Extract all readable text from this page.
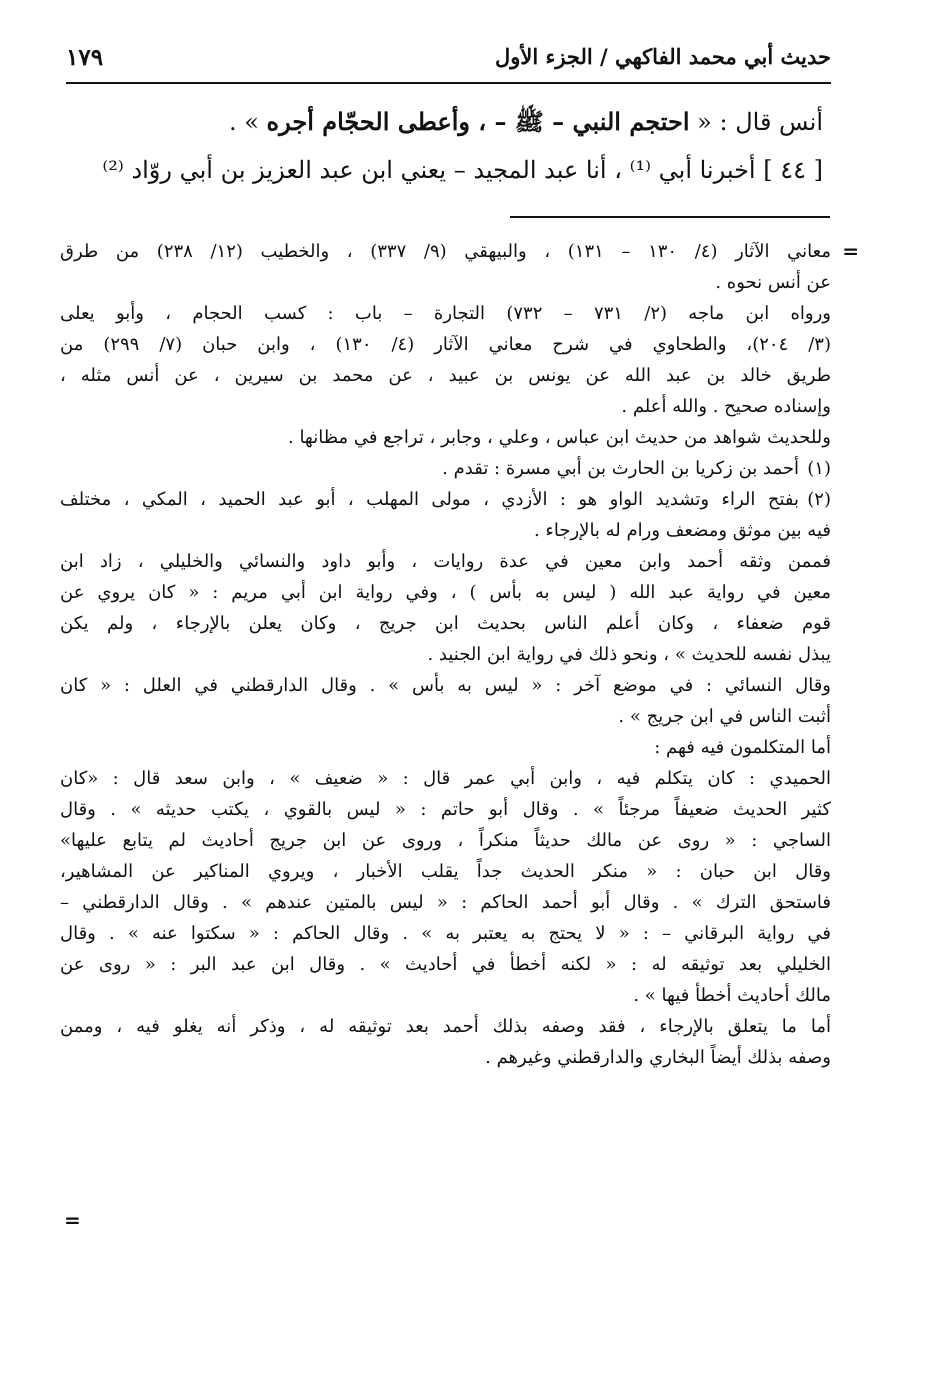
حديث أبي محمد الفاكهي / الجزء الأول
١٧٩
أنس قال : « احتجم النبي – ﷺ – ، وأعطى الحجّام أجره » .
[ ٤٤ ] أخبرنا أبي ⁽¹⁾ ، أنا عبد المجيد – يعني ابن عبد العزيز بن أبي روّاد ⁽²⁾
=
معاني الآثار (٤/ ١٣٠ – ١٣١) ، والبيهقي (٩/ ٣٣٧) ، والخطيب (١٢/ ٢٣٨) من طرق
عن أنس نحوه .
ورواه ابن ماجه (٢/ ٧٣١ – ٧٣٢) التجارة – باب : كسب الحجام ، وأبو يعلى
(٣/ ٢٠٤)، والطحاوي في شرح معاني الآثار (٤/ ١٣٠) ، وابن حبان (٧/ ٢٩٩) من
طريق خالد بن عبد الله عن يونس بن عبيد ، عن محمد بن سيرين ، عن أنس مثله ،
وإسناده صحيح . والله أعلم .
وللحديث شواهد من حديث ابن عباس ، وعلي ، وجابر ، تراجع في مظانها .
(١)
أحمد بن زكريا بن الحارث بن أبي مسرة : تقدم .
(٢)
بفتح الراء وتشديد الواو هو : الأزدي ، مولى المهلب ، أبو عبد الحميد ، المكي ، مختلف
فيه بين موثق ومضعف ورام له بالإرجاء .
فممن وثقه أحمد وابن معين في عدة روايات ، وأبو داود والنسائي والخليلي ، زاد ابن
معين في رواية عبد الله ( ليس به بأس ) ، وفي رواية ابن أبي مريم : « كان يروي عن
قوم ضعفاء ، وكان أعلم الناس بحديث ابن جريج ، وكان يعلن بالإرجاء ، ولم يكن
يبذل نفسه للحديث » ، ونحو ذلك في رواية ابن الجنيد .
وقال النسائي : في موضع آخر : « ليس به بأس » . وقال الدارقطني في العلل : « كان
أثبت الناس في ابن جريج » .
أما المتكلمون فيه فهم :
الحميدي : كان يتكلم فيه ، وابن أبي عمر قال : « ضعيف » ، وابن سعد قال : «كان
كثير الحديث ضعيفاً مرجئاً » . وقال أبو حاتم : « ليس بالقوي ، يكتب حديثه » . وقال
الساجي : « روى عن مالك حديثاً منكراً ، وروى عن ابن جريج أحاديث لم يتابع عليها»
وقال ابن حبان : « منكر الحديث جداً يقلب الأخبار ، ويروي المناكير عن المشاهير،
فاستحق الترك » . وقال أبو أحمد الحاكم : « ليس بالمتين عندهم » . وقال الدارقطني –
في رواية البرقاني – : « لا يحتج به يعتبر به » . وقال الحاكم : « سكتوا عنه » . وقال
الخليلي بعد توثيقه له : « لكنه أخطأ في أحاديث » . وقال ابن عبد البر : « روى عن
مالك أحاديث أخطأ فيها » .
أما ما يتعلق بالإرجاء ، فقد وصفه بذلك أحمد بعد توثيقه له ، وذكر أنه يغلو فيه ، وممن
وصفه بذلك أيضاً البخاري والدارقطني وغيرهم .
=
